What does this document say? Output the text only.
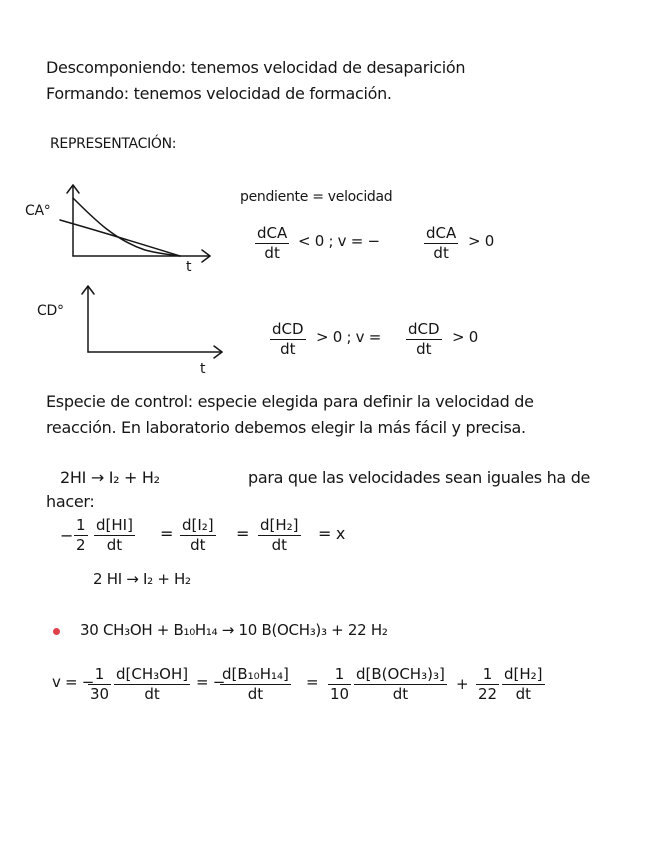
Descomponiendo: tenemos velocidad de desaparición
Formando: tenemos velocidad de formación.
REPRESENTACIÓN:
CA°
t
pendiente = velocidad
dCA
dt
< 0 ; v = −	dCA
dt
> 0
CD°
t
dCD
dt
> 0 ; v = dCD
dt
> 0
Especie de control: especie elegida para definir la velocidad de
reacción. En laboratorio debemos elegir la más fácil y precisa.
2HI → I₂ + H₂	para que las velocidades sean iguales ha de
hacer:
− $\frac{1}{2} \frac{d[HI]}{dt} = \frac{\text{d[I₂]}}{dt} = \frac{\text{d[H₂]}}{dt} = x$
2 HI → I₂ + H₂
30 CH₃OH + B₁₀H₁₄ → 10 B(OCH₃)₃ + 22 H₂
v = −
$\frac{1}{30} \frac{\text{d[CH₃OH]}}{dt}$ = −
$\frac{\text{d[B₁₀H₁₄]}}{dt} = \frac{1}{10} d[B(OCH_3)_3]$
dt
+ $\frac{1}{22} \frac{\text{d[H₂]}}{dt}$
